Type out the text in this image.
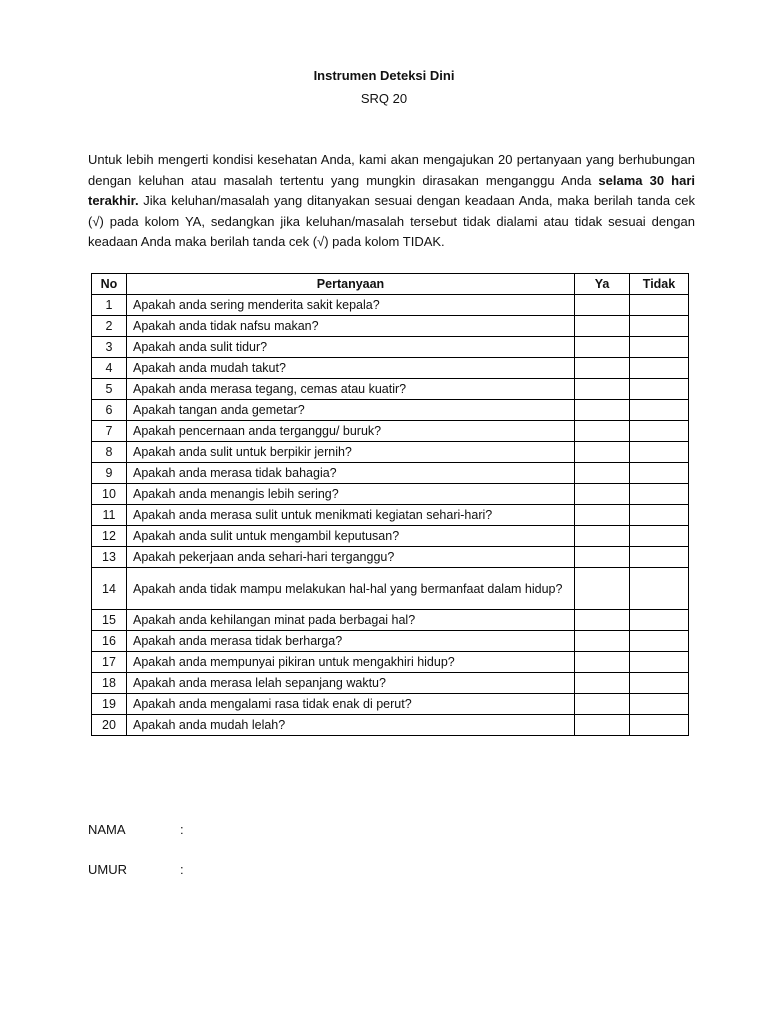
Instrumen Deteksi Dini

SRQ 20

Untuk lebih mengerti kondisi kesehatan Anda, kami akan mengajukan 20 pertanyaan yang berhubungan dengan keluhan atau masalah tertentu yang mungkin dirasakan menganggu Anda selama 30 hari terakhir. Jika keluhan/masalah yang ditanyakan sesuai dengan keadaan Anda, maka berilah tanda cek (√) pada kolom YA, sedangkan jika keluhan/masalah tersebut tidak dialami atau tidak sesuai dengan keadaan Anda maka berilah tanda cek (√) pada kolom TIDAK.

No	Pertanyaan	Ya	Tidak
1	Apakah anda sering menderita sakit kepala?		
2	Apakah anda tidak nafsu makan?		
3	Apakah anda sulit tidur?		
4	Apakah anda mudah takut?		
5	Apakah anda merasa tegang, cemas atau kuatir?		
6	Apakah tangan anda gemetar?		
7	Apakah pencernaan anda terganggu/ buruk?		
8	Apakah anda sulit untuk berpikir jernih?		
9	Apakah anda merasa tidak bahagia?		
10	Apakah anda menangis lebih sering?		
11	Apakah anda merasa sulit untuk menikmati kegiatan sehari-hari?		
12	Apakah anda sulit untuk mengambil keputusan?		
13	Apakah pekerjaan anda sehari-hari terganggu?		
14	Apakah anda tidak mampu melakukan hal-hal yang bermanfaat dalam hidup?		
15	Apakah anda kehilangan minat pada berbagai hal?		
16	Apakah anda merasa tidak berharga?		
17	Apakah anda mempunyai pikiran untuk mengakhiri hidup?		
18	Apakah anda merasa lelah sepanjang waktu?		
19	Apakah anda mengalami rasa tidak enak di perut?		
20	Apakah anda mudah lelah?		

NAMA	:

UMUR	:
